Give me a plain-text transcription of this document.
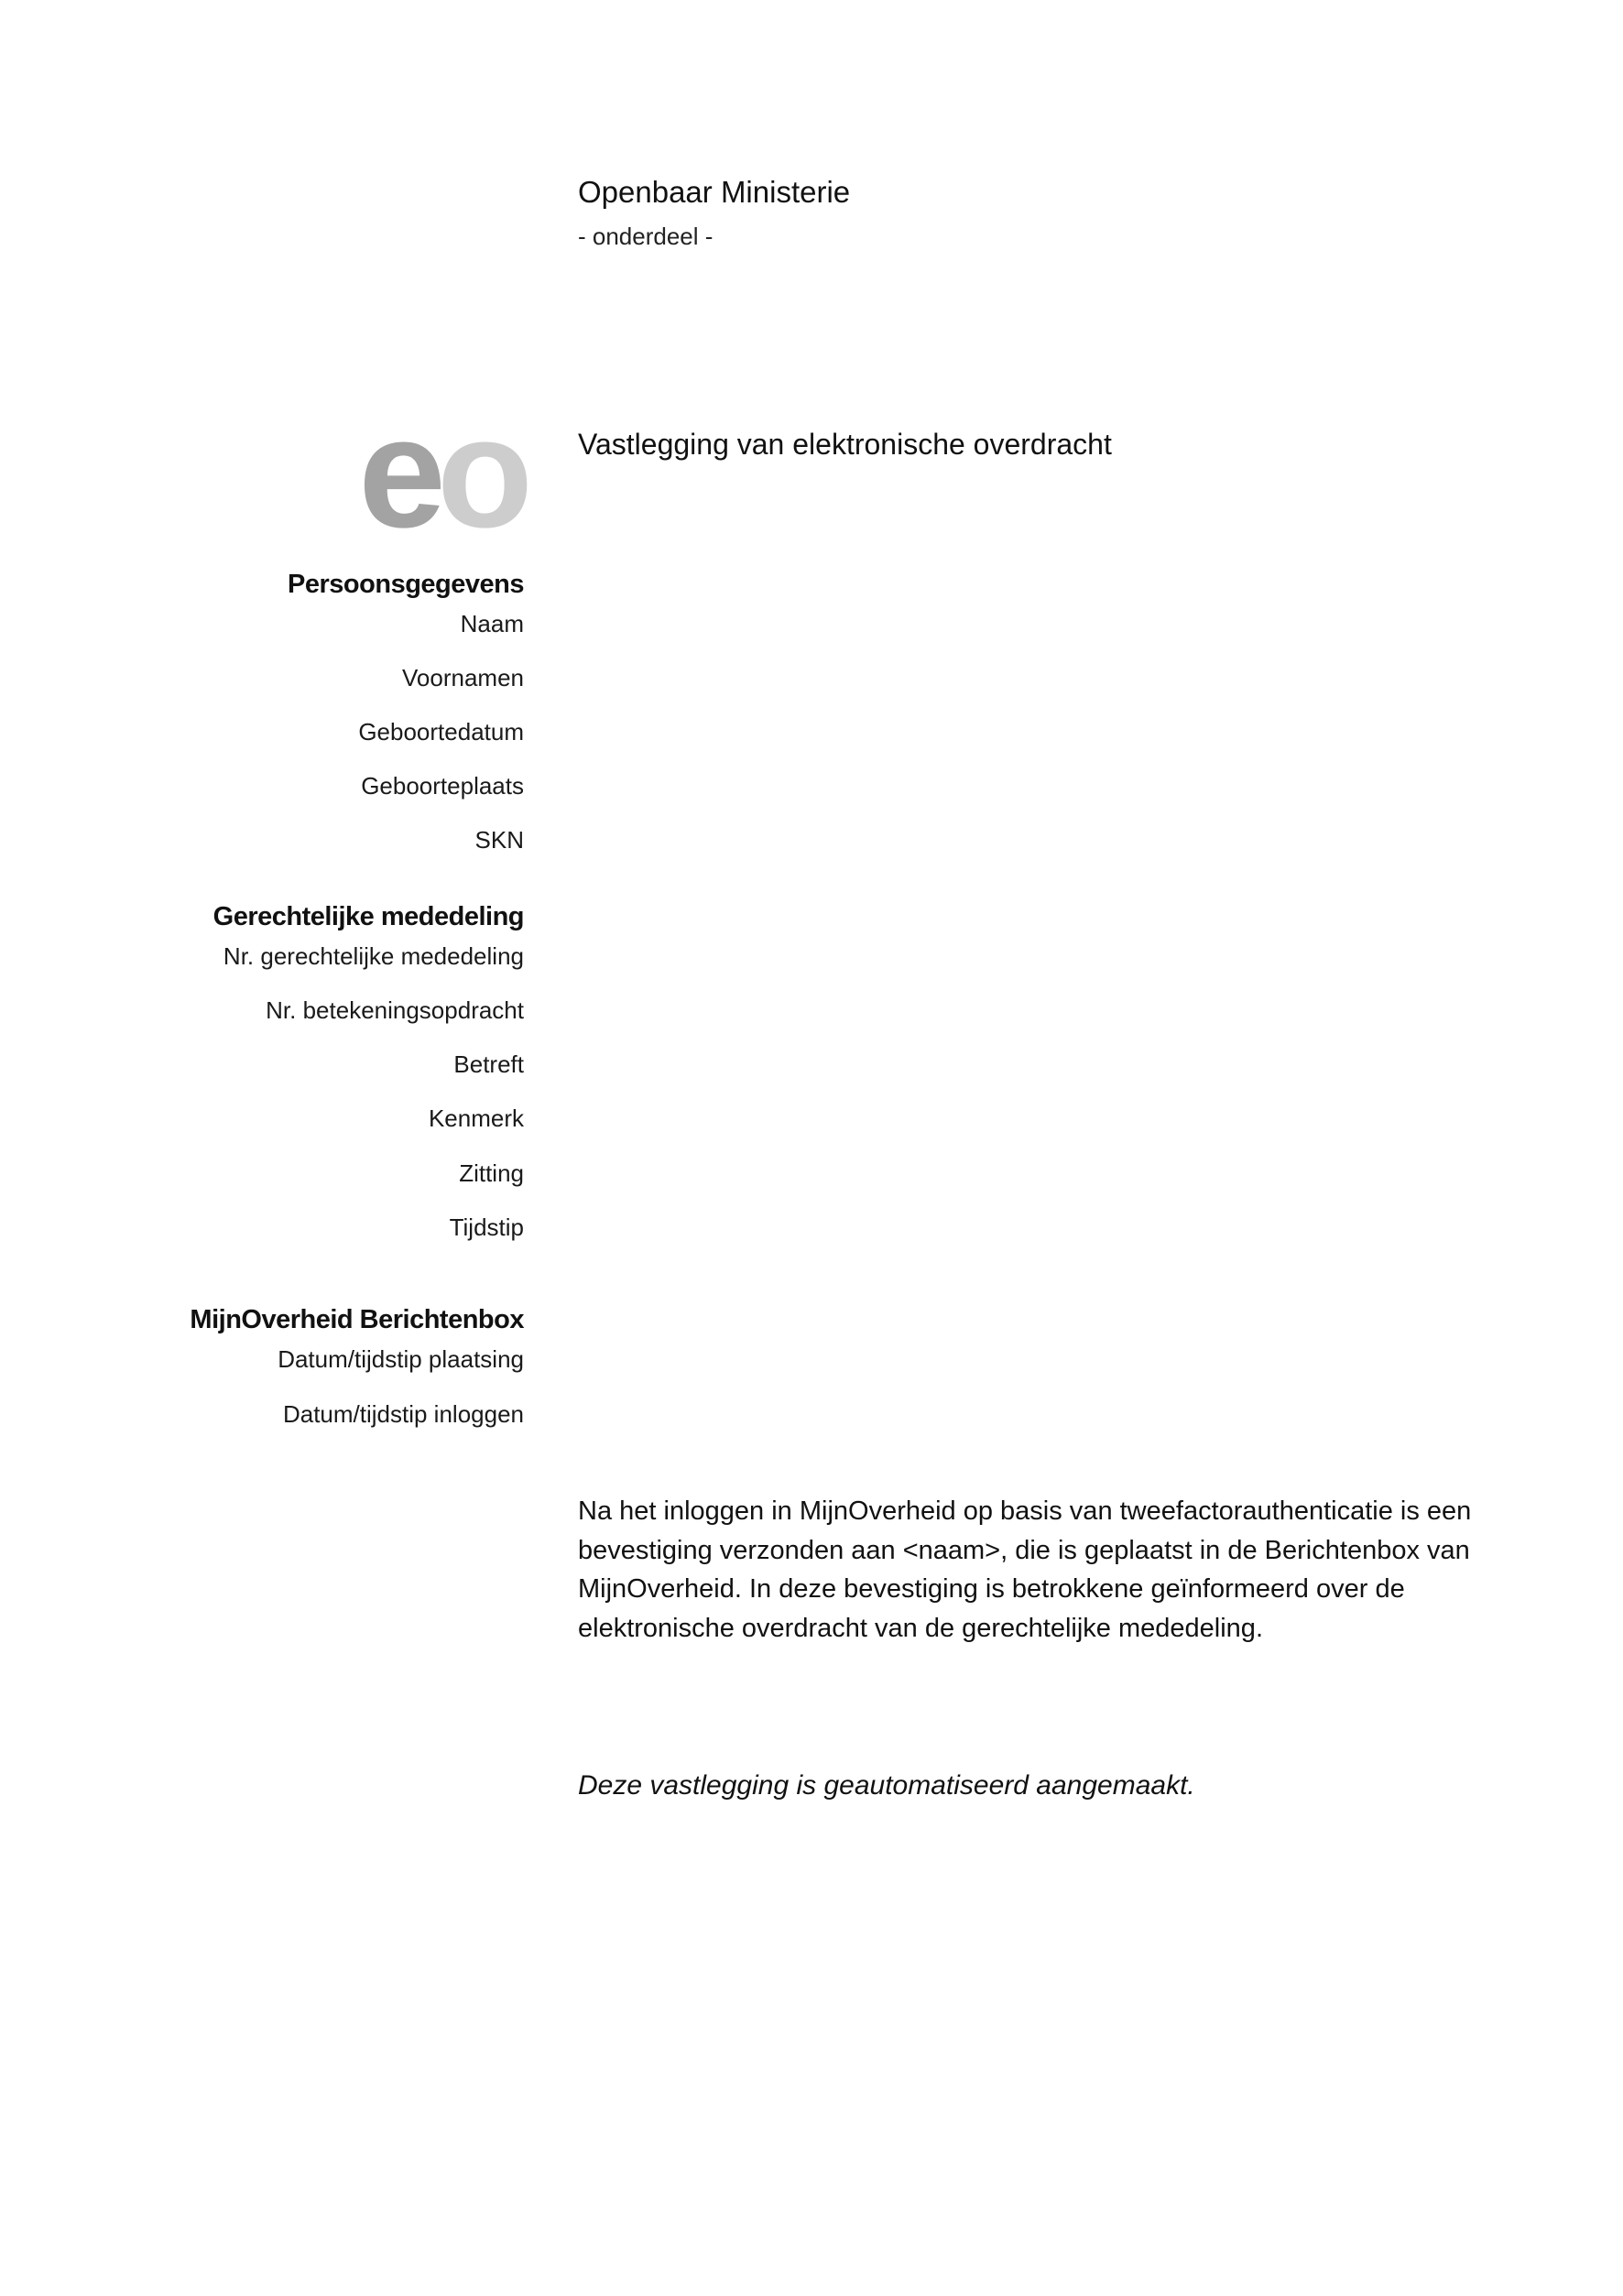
Openbaar Ministerie
- onderdeel -
eo Vastlegging van elektronische overdracht
Persoonsgegevens
Naam
Voornamen
Geboortedatum
Geboorteplaats
SKN
Gerechtelijke mededeling
Nr. gerechtelijke mededeling
Nr. betekeningsopdracht
Betreft
Kenmerk
Zitting
Tijdstip
MijnOverheid Berichtenbox
Datum/tijdstip plaatsing
Datum/tijdstip inloggen
Na het inloggen in MijnOverheid op basis van tweefactorauthenticatie is een bevestiging verzonden aan <naam>, die is geplaatst in de Berichtenbox van MijnOverheid. In deze bevestiging is betrokkene geïnformeerd over de elektronische overdracht van de gerechtelijke mededeling.
Deze vastlegging is geautomatiseerd aangemaakt.
